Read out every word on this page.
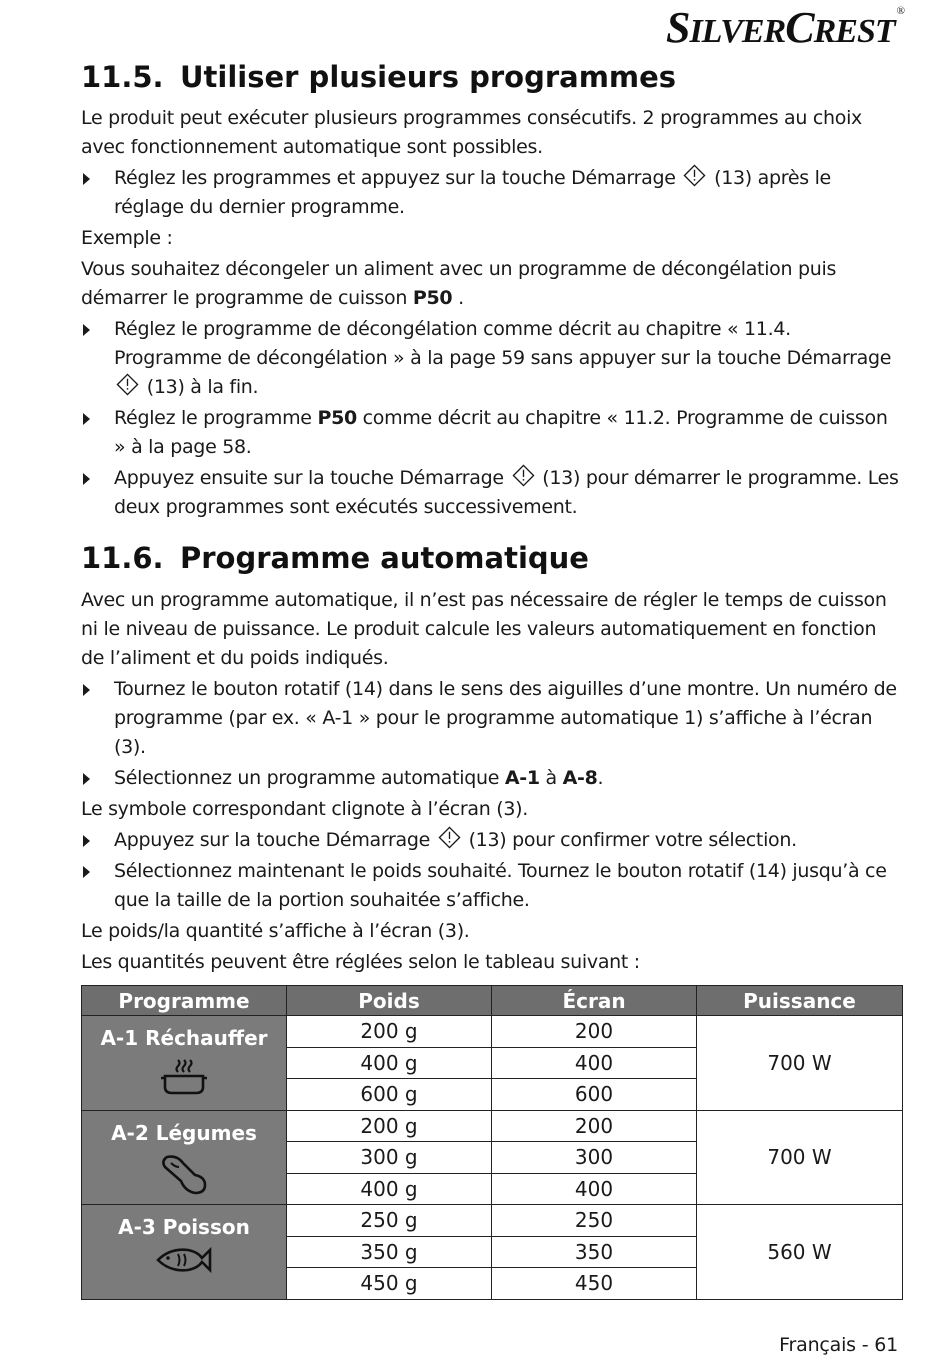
SILVERCREST®
11.5. Utiliser plusieurs programmes

Le produit peut exécuter plusieurs programmes consécutifs. 2 programmes au choix avec fonctionnement automatique sont possibles.

Réglez les programmes et appuyez sur la touche Démarrage (13) après le réglage du dernier programme.

Exemple :

Vous souhaitez décongeler un aliment avec un programme de décongélation puis démarrer le programme de cuisson P50 .

Réglez le programme de décongélation comme décrit au chapitre « 11.4. Programme de décongélation » à la page 59 sans appuyer sur la touche Démarrage  (13) à la fin.
Réglez le programme P50 comme décrit au chapitre « 11.2. Programme de cuisson » à la page 58.
Appuyez ensuite sur la touche Démarrage (13) pour démarrer le programme. Les deux programmes sont exécutés successivement.
11.6. Programme automatique

Avec un programme automatique, il n’est pas nécessaire de régler le temps de cuisson ni le niveau de puissance. Le produit calcule les valeurs automatiquement en fonction de l’aliment et du poids indiqués.

Tournez le bouton rotatif (14) dans le sens des aiguilles d’une montre. Un numéro de programme (par ex. « A-1 » pour le programme automatique 1) s’affiche à l’écran (3).
Sélectionnez un programme automatique A-1 à A-8.

Le symbole correspondant clignote à l’écran (3).

Appuyez sur la touche Démarrage (13) pour confirmer votre sélection.
Sélectionnez maintenant le poids souhaité. Tournez le bouton rotatif (14) jusqu’à ce que la taille de la portion souhaitée s’affiche.

Le poids/la quantité s’affiche à l’écran (3).

Les quantités peuvent être réglées selon le tableau suivant :

Programme	Poids	Écran	Puissance

A-1 Réchauffer	200 g	200	700 W
	400 g	400	
	600 g	600	

A-2 Légumes	200 g	200	700 W
	300 g	300	
	400 g	400	

A-3 Poisson	250 g	250	560 W
	350 g	350	
	450 g	450	
Français - 61
